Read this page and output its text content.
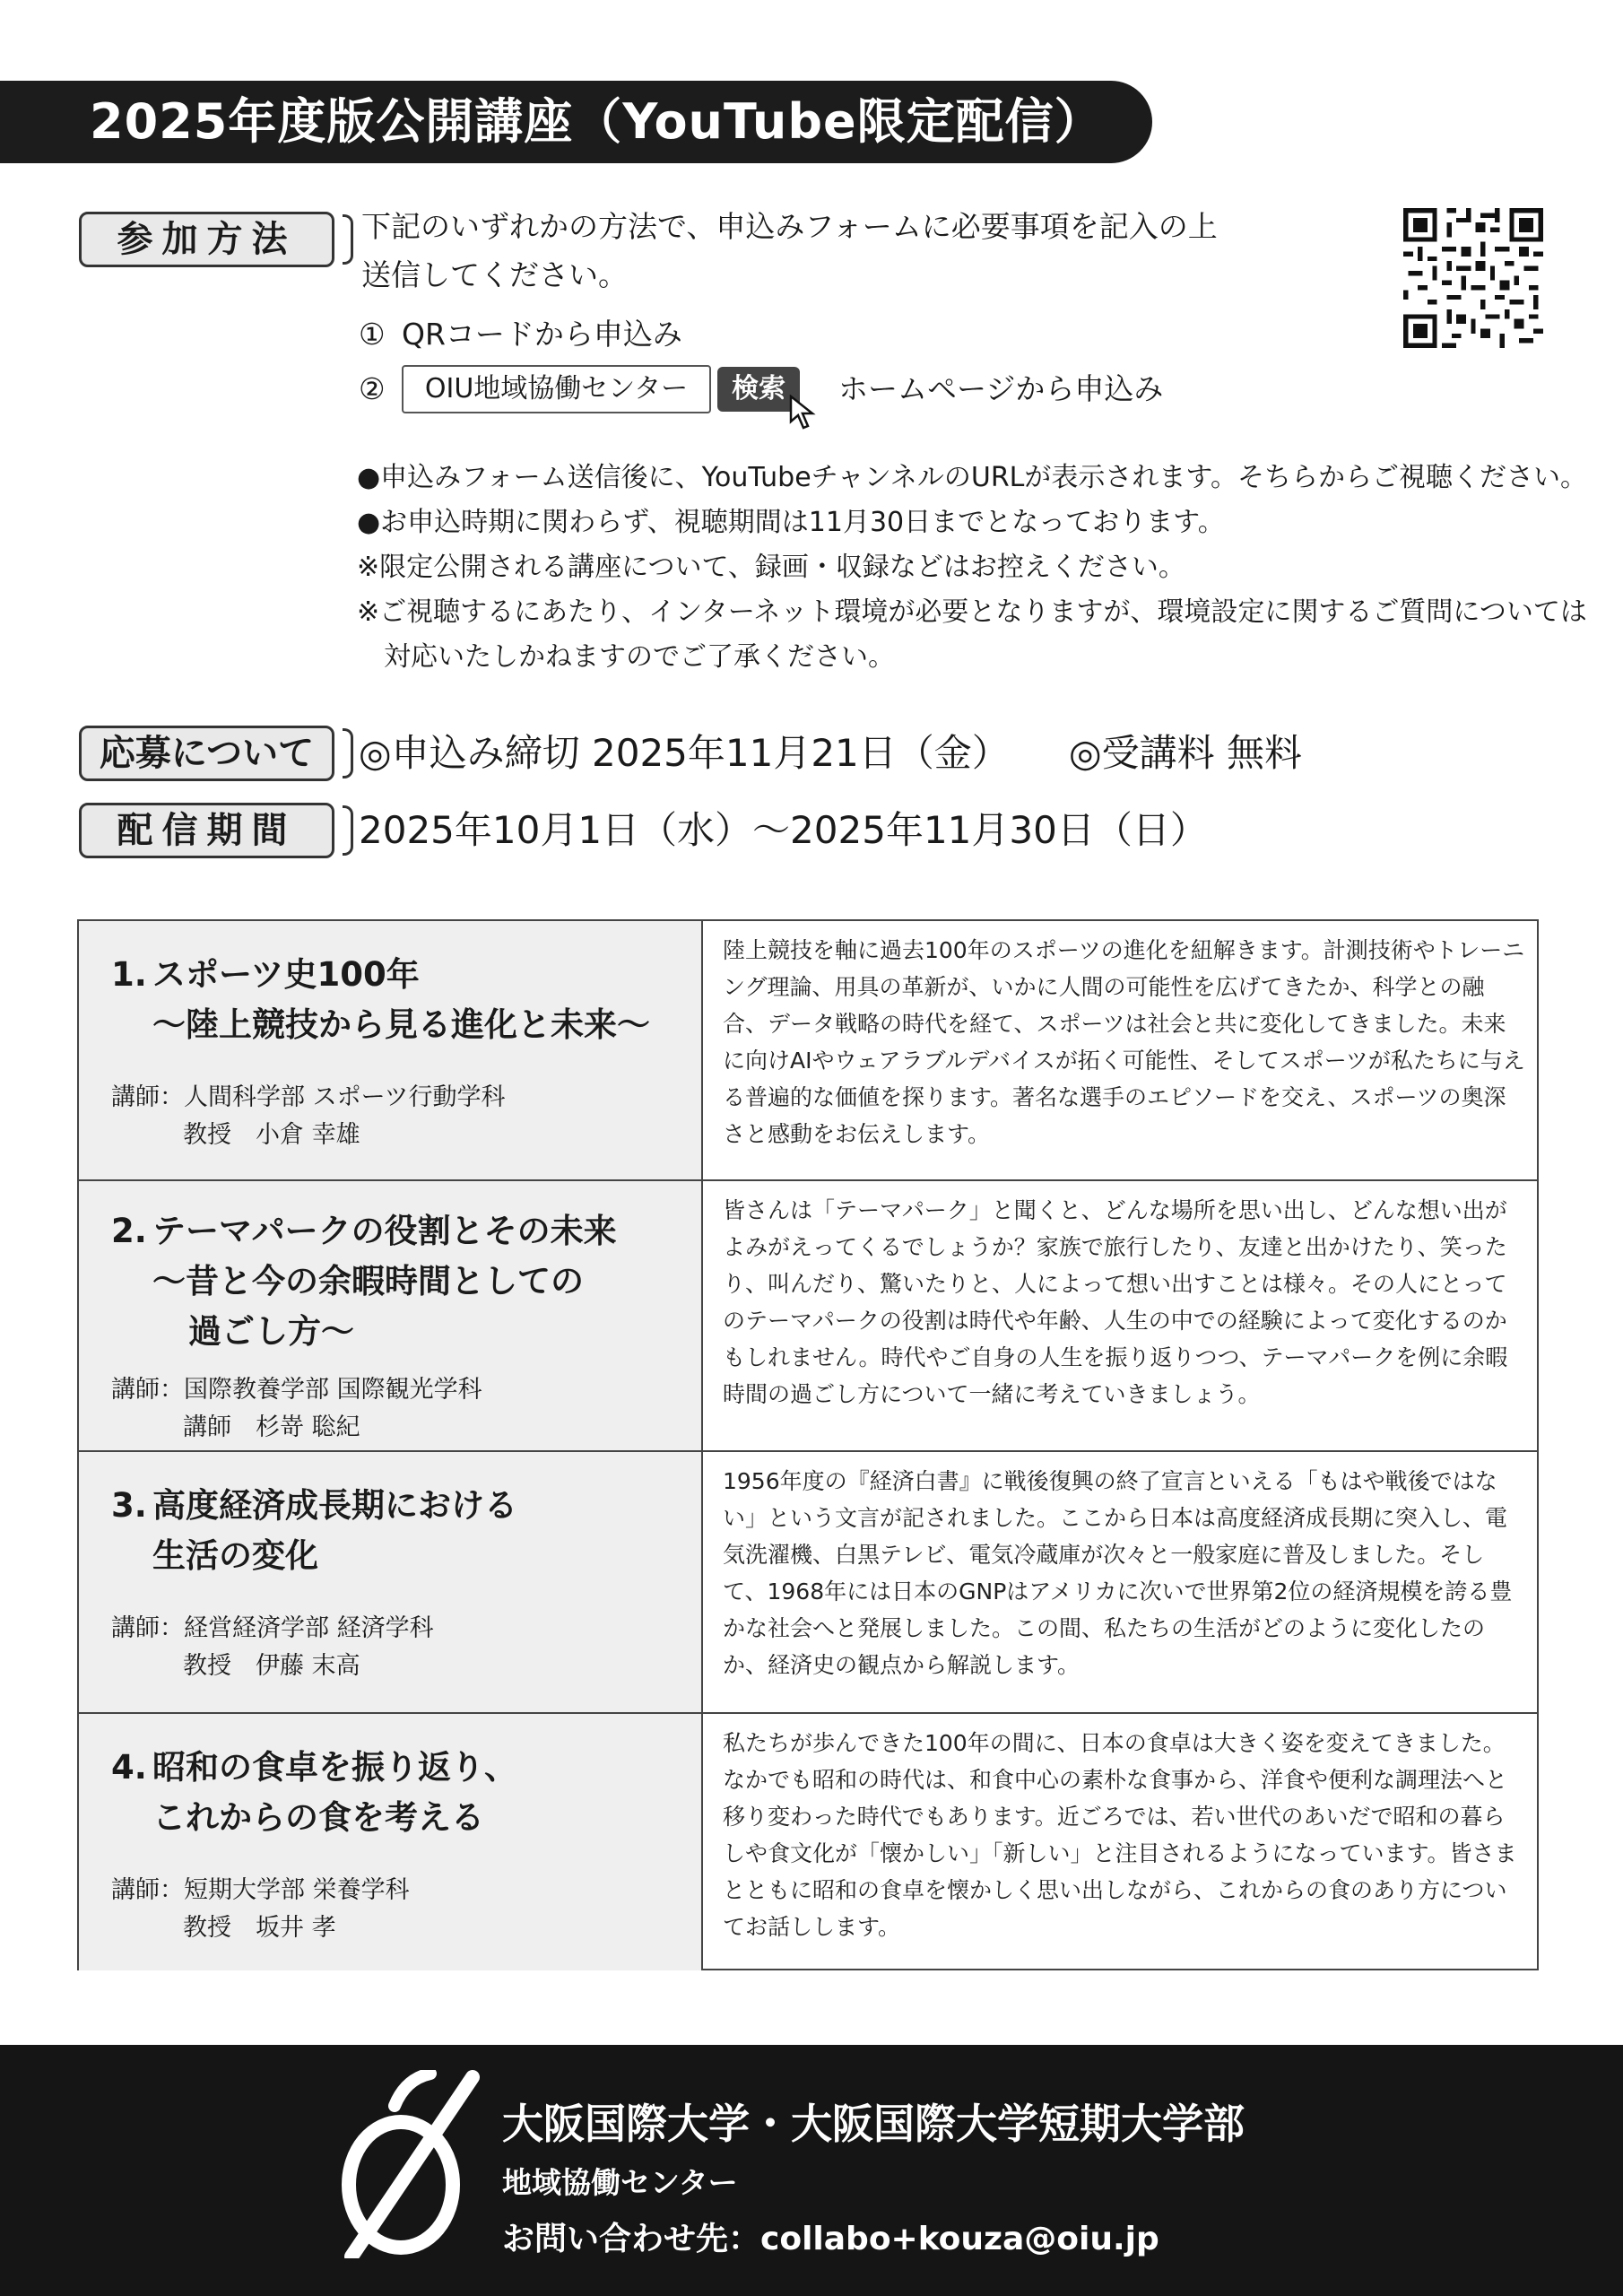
2025年度版公開講座（YouTube限定配信）
参加方法	下記のいずれかの方法で、申込みフォームに必要事項を記入の上
送信してください。
① QRコードから申込み
②	OIU地域協働センター	検索	ホームページから申込み
●申込みフォーム送信後に、YouTubeチャンネルのURLが表示されます。そちらからご視聴ください。
●お申込時期に関わらず、視聴期間は11月30日までとなっております。
※限定公開される講座について、録画・収録などはお控えください。
※ご視聴するにあたり、インターネット環境が必要となりますが、環境設定に関するご質問については
対応いたしかねますのでご了承ください。
応募について	◎申込み締切 2025年11月21日（金） ◎受講料 無料
配信期間	2025年10月1日（水）～2025年11月30日（日）
1. スポーツ史100年
～陸上競技から見る進化と未来～
講師：人間科学部 スポーツ行動学科
教授　小倉 幸雄
陸上競技を軸に過去100年のスポーツの進化を紐解きます。計測技術やトレーニング理論、用具の革新が、いかに人間の可能性を広げてきたか、科学との融合、データ戦略の時代を経て、スポーツは社会と共に変化してきました。未来に向けAIやウェアラブルデバイスが拓く可能性、そしてスポーツが私たちに与える普遍的な価値を探ります。著名な選手のエピソードを交え、スポーツの奥深さと感動をお伝えします。
2. テーマパークの役割とその未来
～昔と今の余暇時間としての
過ごし方～
講師：国際教養学部 国際観光学科
講師　杉嵜 聡紀
皆さんは「テーマパーク」と聞くと、どんな場所を思い出し、どんな想い出がよみがえってくるでしょうか？家族で旅行したり、友達と出かけたり、笑ったり、叫んだり、驚いたりと、人によって想い出すことは様々。その人にとってのテーマパークの役割は時代や年齢、人生の中での経験によって変化するのかもしれません。時代やご自身の人生を振り返りつつ、テーマパークを例に余暇時間の過ごし方について一緒に考えていきましょう。
3. 高度経済成長期における
生活の変化
講師：経営経済学部 経済学科
教授　伊藤 末高
1956年度の『経済白書』に戦後復興の終了宣言といえる「もはや戦後ではない」という文言が記されました。ここから日本は高度経済成長期に突入し、電気洗濯機、白黒テレビ、電気冷蔵庫が次々と一般家庭に普及しました。そして、1968年には日本のGNPはアメリカに次いで世界第2位の経済規模を誇る豊かな社会へと発展しました。この間、私たちの生活がどのように変化したのか、経済史の観点から解説します。
4. 昭和の食卓を振り返り、
これからの食を考える
講師：短期大学部 栄養学科
教授　坂井 孝
私たちが歩んできた100年の間に、日本の食卓は大きく姿を変えてきました。なかでも昭和の時代は、和食中心の素朴な食事から、洋食や便利な調理法へと移り変わった時代でもあります。近ごろでは、若い世代のあいだで昭和の暮らしや食文化が「懐かしい」「新しい」と注目されるようになっています。皆さまとともに昭和の食卓を懐かしく思い出しながら、これからの食のあり方についてお話しします。
大阪国際大学・大阪国際大学短期大学部
地域協働センター
お問い合わせ先：collabo+kouza@oiu.jp
